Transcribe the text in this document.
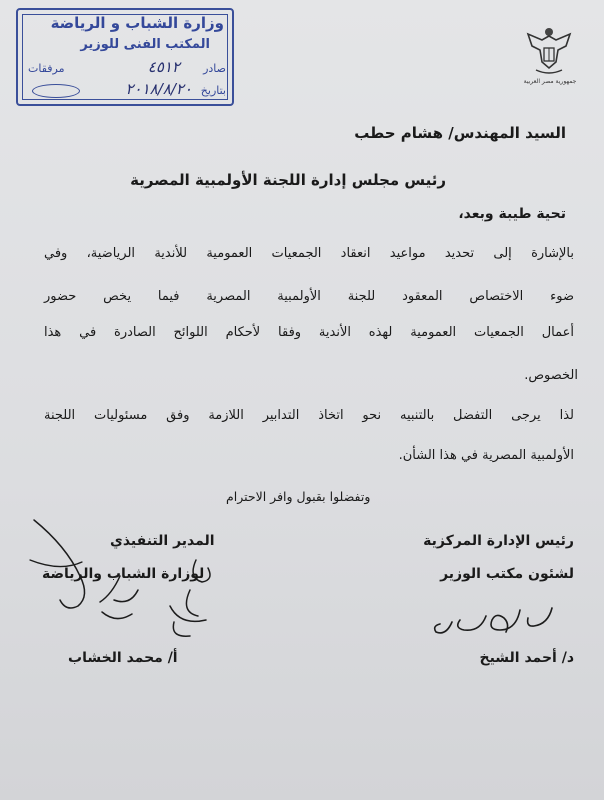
وزارة الشباب و الرياضة
المكتب الفنى للوزير
صادر
٤٥١٢
مرفقات
بتاريخ
٢٠١٨/٨/٢٠	جمهورية مصر العربية
السيد المهندس/ هشام حطب
رئيس مجلس إدارة اللجنة الأولمبية المصرية
تحية طيبة وبعد،
بالإشارة إلى تحديد مواعيد انعقاد الجمعيات العمومية للأندية الرياضية، وفي
ضوء الاختصاص المعقود للجنة الأولمبية المصرية فيما يخص حضور
أعمال الجمعيات العمومية لهذه الأندية وفقا لأحكام اللوائح الصادرة في هذا
الخصوص.
لذا يرجى التفضل بالتنبيه نحو اتخاذ التدابير اللازمة وفق مسئوليات اللجنة
الأولمبية المصرية في هذا الشأن.
وتفضلوا بقبول وافر الاحترام
رئيس الإدارة المركزية
لشئون مكتب الوزير
المدير التنفيذي
لوزارة الشباب والرياضة
د/ أحمد الشيخ
أ/ محمد الخشاب
